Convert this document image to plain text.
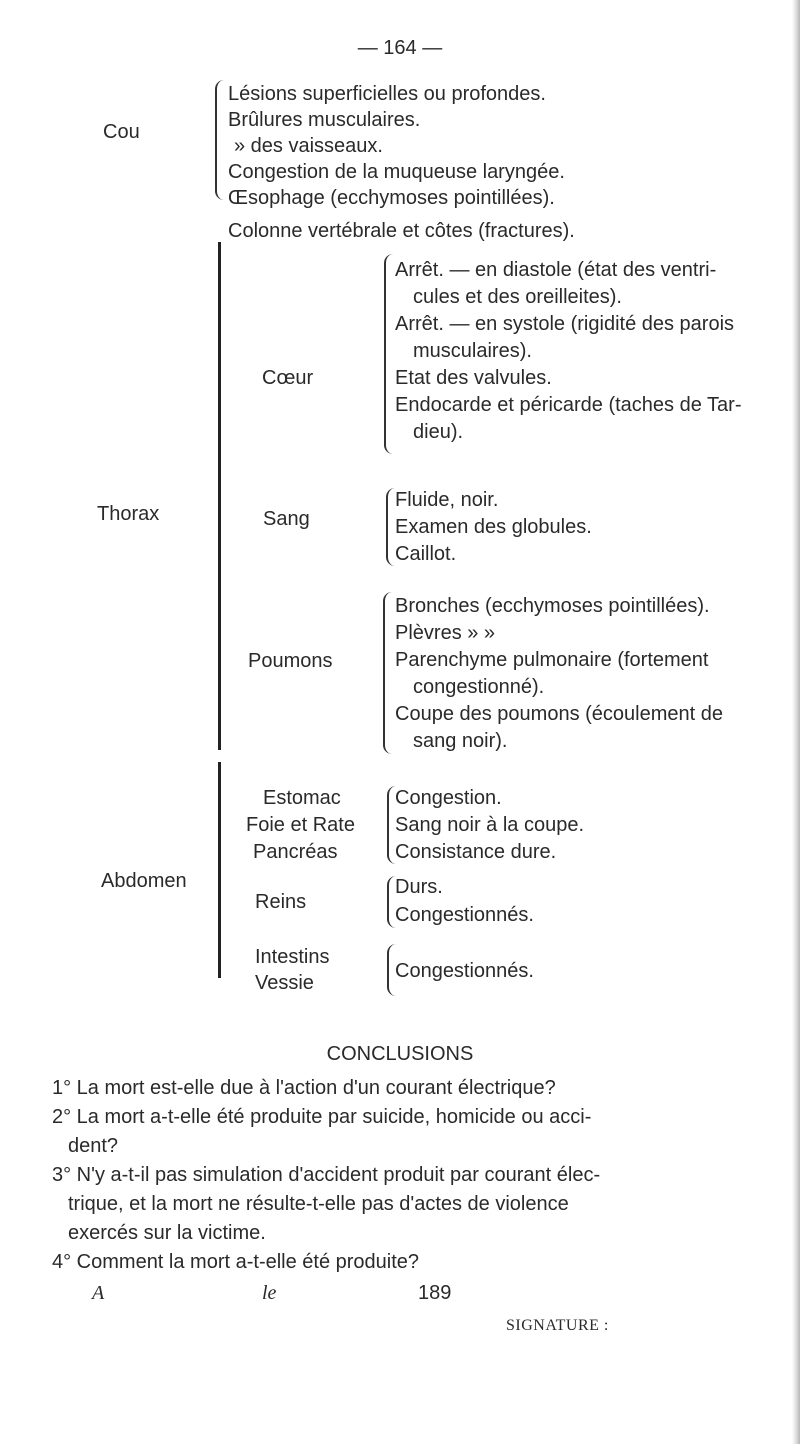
— 164 —
Cou
Lésions superficielles ou profondes.
Brûlures musculaires.
» des vaisseaux.
Congestion de la muqueuse laryngée.
Œsophage (ecchymoses pointillées).
Colonne vertébrale et côtes (fractures).
Thorax
Cœur
Arrêt. — en diastole (état des ventri-
cules et des oreilleites).
Arrêt. — en systole (rigidité des parois
musculaires).
Etat des valvules.
Endocarde et péricarde (taches de Tar-
dieu).
Sang
Fluide, noir.
Examen des globules.
Caillot.
Poumons
Bronches (ecchymoses pointillées).
Plèvres » »
Parenchyme pulmonaire (fortement
congestionné).
Coupe des poumons (écoulement de
sang noir).
Abdomen
Estomac
Foie et Rate
Pancréas
Congestion.
Sang noir à la coupe.
Consistance dure.
Reins
Durs.
Congestionnés.
Intestins
Vessie
Congestionnés.
CONCLUSIONS
1° La mort est-elle due à l'action d'un courant électrique?
2° La mort a-t-elle été produite par suicide, homicide ou acci-
dent?
3° N'y a-t-il pas simulation d'accident produit par courant élec-
trique, et la mort ne résulte-t-elle pas d'actes de violence
exercés sur la victime.
4° Comment la mort a-t-elle été produite?
A	le	189
SIGNATURE :
